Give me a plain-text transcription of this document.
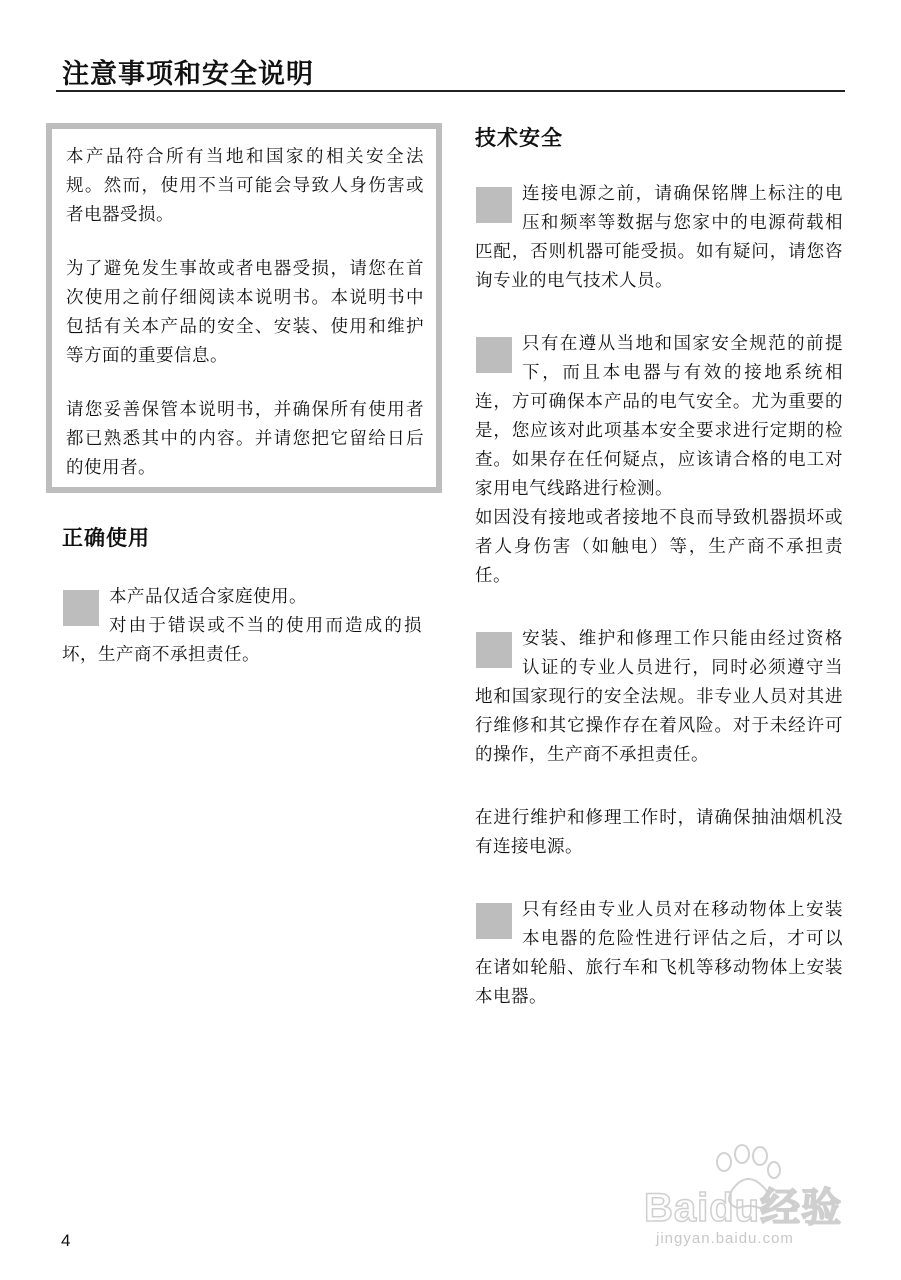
注意事项和安全说明

本产品符合所有当地和国家的相关安全法规。然而，使用不当可能会导致人身伤害或者电器受损。

为了避免发生事故或者电器受损，请您在首次使用之前仔细阅读本说明书。本说明书中包括有关本产品的安全、安装、使用和维护等方面的重要信息。

请您妥善保管本说明书，并确保所有使用者都已熟悉其中的内容。并请您把它留给日后的使用者。

正确使用

本产品仅适合家庭使用。
对由于错误或不当的使用而造成的损坏，生产商不承担责任。

技术安全

连接电源之前，请确保铭牌上标注的电压和频率等数据与您家中的电源荷载相匹配，否则机器可能受损。如有疑问，请您咨询专业的电气技术人员。

只有在遵从当地和国家安全规范的前提下，而且本电器与有效的接地系统相连，方可确保本产品的电气安全。尤为重要的是，您应该对此项基本安全要求进行定期的检查。如果存在任何疑点，应该请合格的电工对家用电气线路进行检测。
如因没有接地或者接地不良而导致机器损坏或者人身伤害（如触电）等，生产商不承担责任。

安装、维护和修理工作只能由经过资格认证的专业人员进行，同时必须遵守当地和国家现行的安全法规。非专业人员对其进行维修和其它操作存在着风险。对于未经许可的操作，生产商不承担责任。

在进行维护和修理工作时，请确保抽油烟机没有连接电源。

只有经由专业人员对在移动物体上安装本电器的危险性进行评估之后，才可以在诸如轮船、旅行车和飞机等移动物体上安装本电器。

4
Baidu经验
jingyan.baidu.com
